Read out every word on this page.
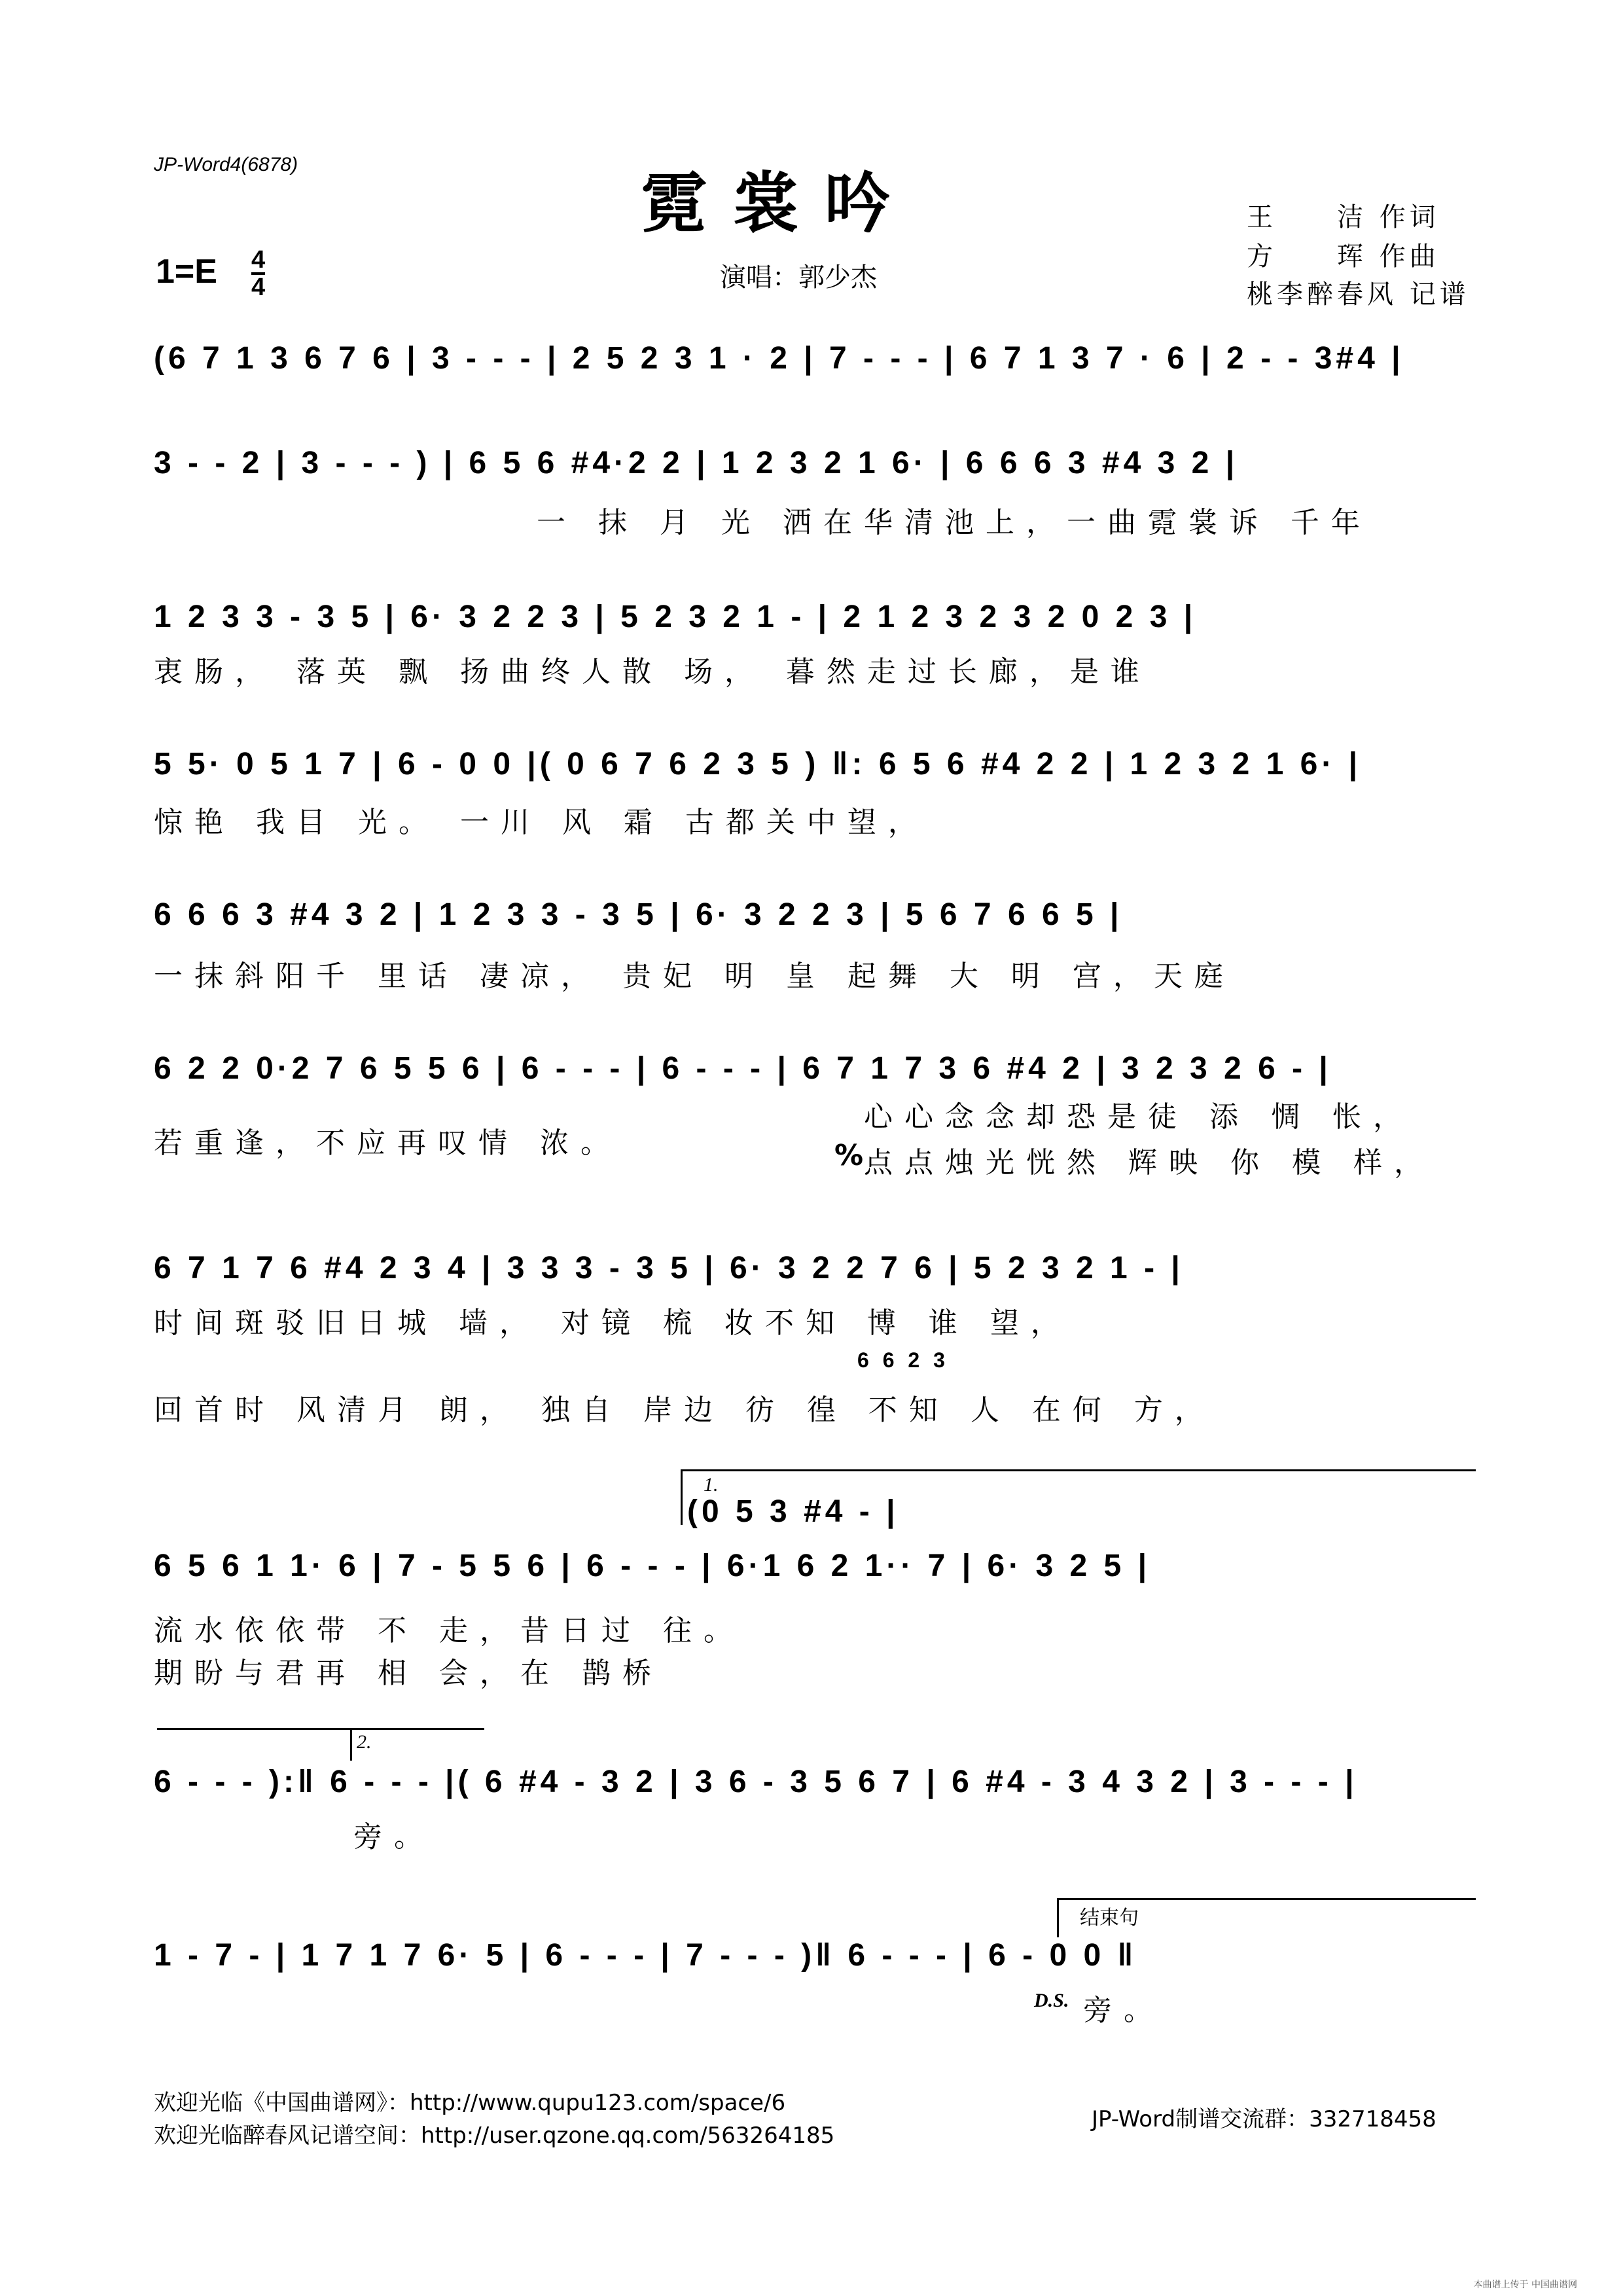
JP-Word4(6878)	霓裳吟
1=E 4
4	演唱：郭少杰
王　　洁 作词
方　　珲 作曲
桃李醉春风 记谱
(6 7 1 3 6 7 6 | 3 - - - | 2 5 2 3 1 · 2 | 7 - - - | 6 7 1 3 7 · 6 | 2 - - 3#4 |
3 - - 2 | 3 - - - ) | 6 5 6 #4·2 2 | 1 2 3 2 1 6· | 6 6 6 3 #4 3 2 |
一 抹 月 光 洒在华清池上，一曲霓裳诉 千年
1 2 3 3 - 3 5 | 6· 3 2 2 3 | 5 2 3 2 1 - | 2 1 2 3 2 3 2 0 2 3 |
衷肠， 落英 飘 扬曲终人散 场， 暮然走过长廊，是谁
5 5· 0 5 1 7 | 6 - 0 0 |( 0 6 7 6 2 3 5 ) ‖: 6 5 6 #4 2 2 | 1 2 3 2 1 6· |
惊艳 我目 光。 一川 风 霜 古都关中望，
6 6 6 3 #4 3 2 | 1 2 3 3 - 3 5 | 6· 3 2 2 3 | 5 6 7 6 6 5 |
一抹斜阳千 里话 凄凉， 贵妃 明 皇 起舞 大 明 宫，天庭
6 2 2 0·2 7 6 5 5 6 | 6 - - - | 6 - - - | 6 7 1 7 3 6 #4 2 | 3 2 3 2 6 - |
若重逢，不应再叹情 浓。
心心念念却恐是徒 添 惆 怅，
点点烛光恍然 辉映 你 模 样，
%
6 7 1 7 6 #4 2 3 4 | 3 3 3 - 3 5 | 6· 3 2 2 7 6 | 5 2 3 2 1 - |
时间斑驳旧日城 墙， 对镜 梳 妆不知 博 谁 望，
6 6 2 3
回首时 风清月 朗， 独自 岸边 彷 徨 不知 人 在何 方，
1.
(0 5 3 #4 - |
6 5 6 1 1· 6 | 7 - 5 5 6 | 6 - - - | 6·1 6 2 1·· 7 | 6· 3 2 5 |
流水依依带 不 走，昔日过 往。
期盼与君再 相 会，在 鹊桥
2.
6 - - - ):‖ 6 - - - |( 6 #4 - 3 2 | 3 6 - 3 5 6 7 | 6 #4 - 3 4 3 2 | 3 - - - |
旁。
结束句
1 - 7 - | 1 7 1 7 6· 5 | 6 - - - | 7 - - - )‖ 6 - - - | 6 - 0 0 ‖
D.S. 旁。
欢迎光临《中国曲谱网》：http://www.qupu123.com/space/6
欢迎光临醉春风记谱空间：http://user.qzone.qq.com/563264185
JP-Word制谱交流群：332718458
本曲谱上传于 中国曲谱网
